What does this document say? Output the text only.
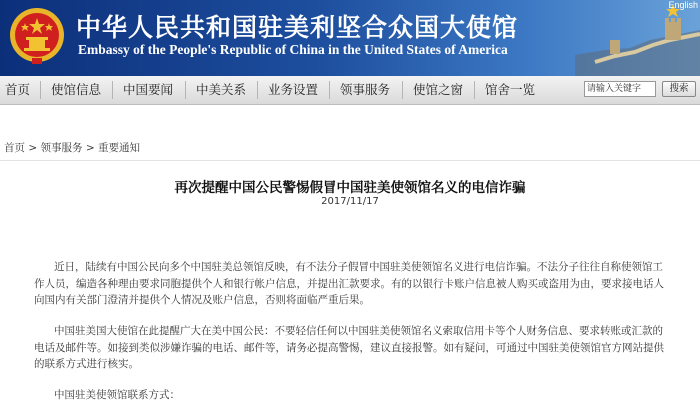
中华人民共和国驻美利坚合众国大使馆
Embassy of the People's Republic of China in the United States of America
English
首页 使馆信息 中国要闻 中美关系 业务设置 领事服务 使馆之窗 馆舍一览	请输入关键字	搜索
首页 > 领事服务 > 重要通知
再次提醒中国公民警惕假冒中国驻美使领馆名义的电信诈骗
2017/11/17

近日，陆续有中国公民向多个中国驻美总领馆反映，有不法分子假冒中国驻美使领馆名义进行电信诈骗。不法分子往往自称使领馆工
作人员，编造各种理由要求同胞提供个人和银行帐户信息，并提出汇款要求。有的以银行卡账户信息被人购买或盗用为由，要求接电话人
向国内有关部门澄清并提供个人情况及账户信息，否则将面临严重后果。

中国驻美国大使馆在此提醒广大在美中国公民：不要轻信任何以中国驻美使领馆名义索取信用卡等个人财务信息、要求转账或汇款的
电话及邮件等。如接到类似涉嫌诈骗的电话、邮件等，请务必提高警惕，建议直接报警。如有疑问，可通过中国驻美使领馆官方网站提供
的联系方式进行核实。

中国驻美使领馆联系方式：
